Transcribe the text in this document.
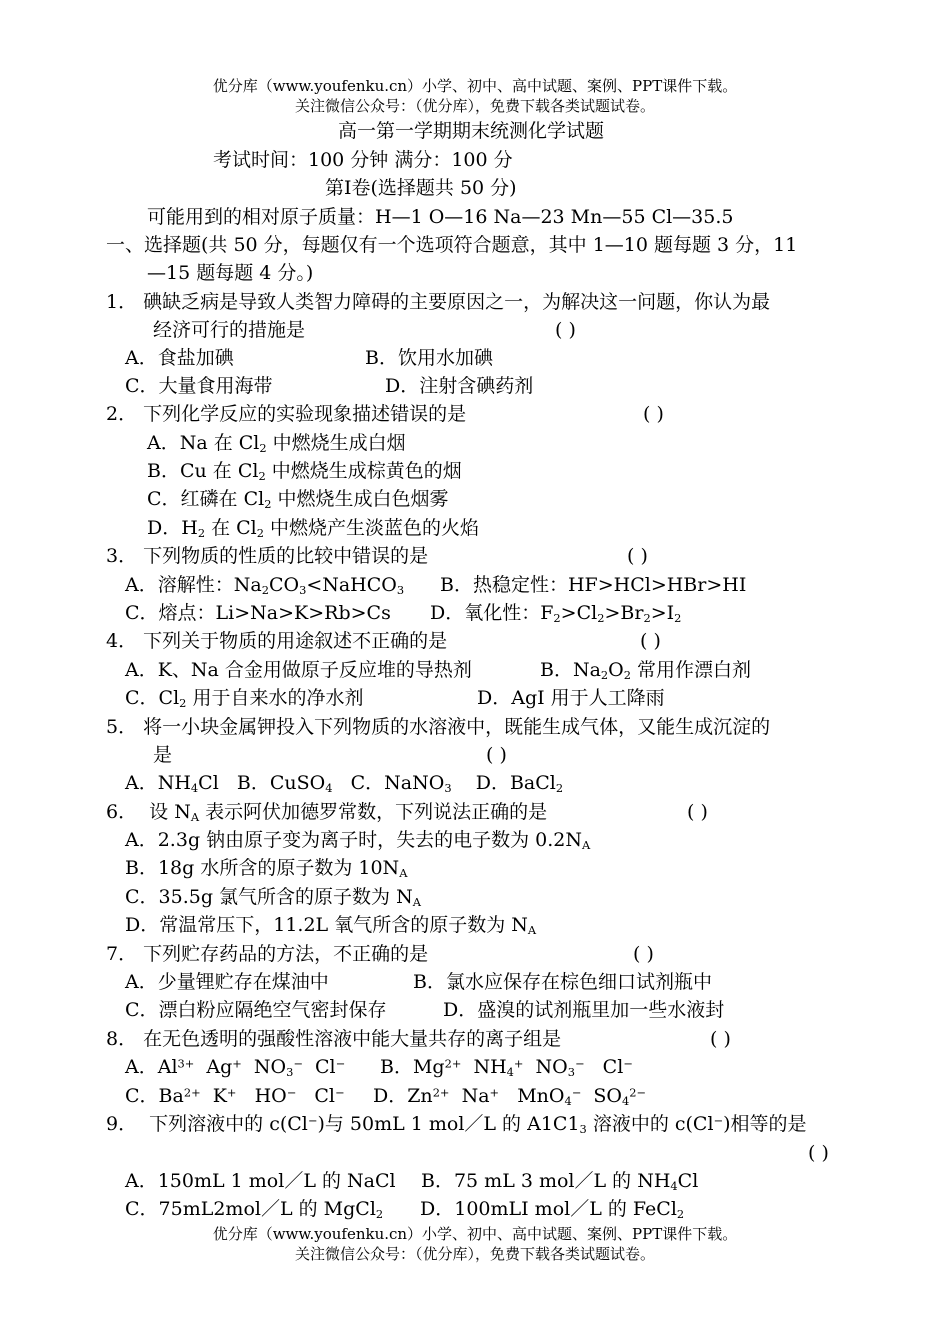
优分库（www.youfenku.cn）小学、初中、高中试题、案例、PPT课件下载。
关注微信公众号：（优分库），免费下载各类试题试卷。
高一第一学期期末统测化学试题
考试时间：100 分钟 满分：100 分
第Ⅰ卷(选择题共 50 分)
可能用到的相对原子质量：H—1 O—16 Na—23 Mn—55 Cl—35.5
一、选择题(共 50 分，每题仅有一个选项符合题意，其中 1—10 题每题 3 分，11
—15 题每题 4 分。)
1． 碘缺乏病是导致人类智力障碍的主要原因之一，为解决这一问题，你认为最
经济可行的措施是	( )
A．食盐加碘	B．饮用水加碘
C．大量食用海带	D．注射含碘药剂
2． 下列化学反应的实验现象描述错误的是	( )
A．Na 在 $Cl_2$ 中燃烧生成白烟
B．Cu 在 $Cl_2$ 中燃烧生成棕黄色的烟
C．红磷在 $Cl_2$ 中燃烧生成白色烟雾
D．$H_2$ 在 $Cl_2$ 中燃烧产生淡蓝色的火焰
3． 下列物质的性质的比较中错误的是	( )
A．溶解性：$Na_2CO_3<NaHCO_3$ B．热稳定性：HF>HCl>HBr>HI
C．熔点：Li>Na>K>Rb>Cs D．氧化性：$F_2>Cl_2>Br_2>I_2$
4． 下列关于物质的用途叙述不正确的是	( )
A．K、Na 合金用做原子反应堆的导热剂	B．$Na_2O_2$ 常用作漂白剂
C．$Cl_2$ 用于自来水的净水剂	D．AgI 用于人工降雨
5． 将一小块金属钾投入下列物质的水溶液中，既能生成气体，又能生成沉淀的
是	( )
A．$NH_4Cl$   B．CuSO$_4$   C．NaNO$_3$    D．BaCl$_2$
6．  设 $N_A$ 表示阿伏加德罗常数，下列说法正确的是	( )
A．2.3g 钠由原子变为离子时，失去的电子数为 $0.2N_A$
B．18g 水所含的原子数为 $10N_A$
C．35.5g 氯气所含的原子数为 $N_A$
D．常温常压下，11.2L 氧气所含的原子数为 $N_A$
7． 下列贮存药品的方法，不正确的是	( )
A．少量锂贮存在煤油中	B．氯水应保存在棕色细口试剂瓶中
C．漂白粉应隔绝空气密封保存	D．盛溴的试剂瓶里加一些水液封
8． 在无色透明的强酸性溶液中能大量共存的离子组是	( )
A．$Al^{3+}$  Ag+  $NO_3^-$  Cl− B．$Mg^{2+}$  $NH_4^+$  $NO_3^-$   Cl−
C．$Ba^{2+}$  K+   HO−   Cl− D．$Zn^{2+}$  Na+   MnO$_4$−  $SO_4^{2-}$
9．  下列溶液中的 c(Cl−)与 50mL 1 mol／L 的 $A1C1_3$ 溶液中的 c(Cl−)相等的是
( )
A．150mL 1 mol／L 的 NaCl B．75 mL 3 mol／L 的 $NH_4Cl$
C．75mL2mol／L 的 MgCl$_2$ D．100mLI mol／L 的 FeCl$_2$
优分库（www.youfenku.cn）小学、初中、高中试题、案例、PPT课件下载。
关注微信公众号：（优分库），免费下载各类试题试卷。
